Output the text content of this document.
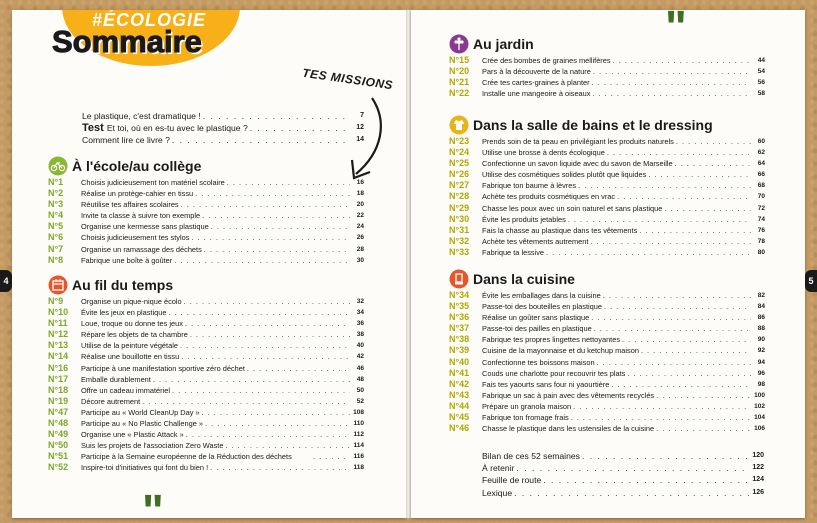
#ÉCOLOGIE
Sommaire
TES MISSIONS
Le plastique, c'est dramatique ! . . .	7
Test Et toi, où en es-tu avec le plastique ? . . .	12
Comment lire ce livre ? . . .	14
À l'école/au collège
N°1	Choisis judicieusement ton matériel scolaire . . .	16
N°2	Réalise un protège-cahier en tissu . . .	18
N°3	Réutilise tes affaires scolaires . . .	20
N°4	Invite ta classe à suivre ton exemple . . .	22
N°5	Organise une kermesse sans plastique . . .	24
N°6	Choisis judicieusement tes stylos . . .	26
N°7	Organise un ramassage des déchets . . .	28
N°8	Fabrique une boîte à goûter . . .	30
Au fil du temps
N°9	Organise un pique-nique écolo . . .	32
N°10	Évite les jeux en plastique . . .	34
N°11	Loue, troque ou donne tes jeux . . .	36
N°12	Répare les objets de ta chambre . . .	38
N°13	Utilise de la peinture végétale . . .	40
N°14	Réalise une bouillotte en tissu . . .	42
N°16	Participe à une manifestation sportive zéro déchet . . .	46
N°17	Emballe durablement . . .	48
N°18	Offre un cadeau immatériel . . .	50
N°19	Décore autrement . . .	52
N°47	Participe au « World CleanUp Day » . . .	108
N°48	Participe au « No Plastic Challenge » . . .	110
N°49	Organise une « Plastic Attack » . . .	112
N°50	Suis les projets de l'association Zero Waste . . .	114
N°51	Participe à la Semaine européenne de la Réduction des déchets . . .	116
N°52	Inspire-toi d'initiatives qui font du bien ! . . .	118
"
"
Au jardin
N°15	Crée des bombes de graines mellifères . . .	44
N°20	Pars à la découverte de la nature . . .	54
N°21	Crée tes cartes-graines à planter . . .	56
N°22	Installe une mangeoire à oiseaux . . .	58
Dans la salle de bains et le dressing
N°23	Prends soin de ta peau en privilégiant les produits naturels . . .	60
N°24	Utilise une brosse à dents écologique . . .	62
N°25	Confectionne un savon liquide avec du savon de Marseille . . .	64
N°26	Utilise des cosmétiques solides plutôt que liquides . . .	66
N°27	Fabrique ton baume à lèvres . . .	68
N°28	Achète tes produits cosmétiques en vrac . . .	70
N°29	Chasse les poux avec un soin naturel et sans plastique . . .	72
N°30	Évite les produits jetables . . .	74
N°31	Fais la chasse au plastique dans tes vêtements . . .	76
N°32	Achète tes vêtements autrement . . .	78
N°33	Fabrique ta lessive . . .	80
Dans la cuisine
N°34	Évite les emballages dans la cuisine . . .	82
N°35	Passe-toi des bouteilles en plastique . . .	84
N°36	Réalise un goûter sans plastique . . .	86
N°37	Passe-toi des pailles en plastique . . .	88
N°38	Fabrique tes propres lingettes nettoyantes . . .	90
N°39	Cuisine de la mayonnaise et du ketchup maison . . .	92
N°40	Confectionne tes boissons maison . . .	94
N°41	Couds une charlotte pour recouvrir tes plats . . .	96
N°42	Fais tes yaourts sans four ni yaourtière . . .	98
N°43	Fabrique un sac à pain avec des vêtements recyclés . . .	100
N°44	Prépare un granola maison . . .	102
N°45	Fabrique ton fromage frais . . .	104
N°46	Chasse le plastique dans les ustensiles de la cuisine . . .	106
Bilan de ces 52 semaines . . .	120
À retenir . . .	122
Feuille de route . . .	124
Lexique . . .	126
4	5
